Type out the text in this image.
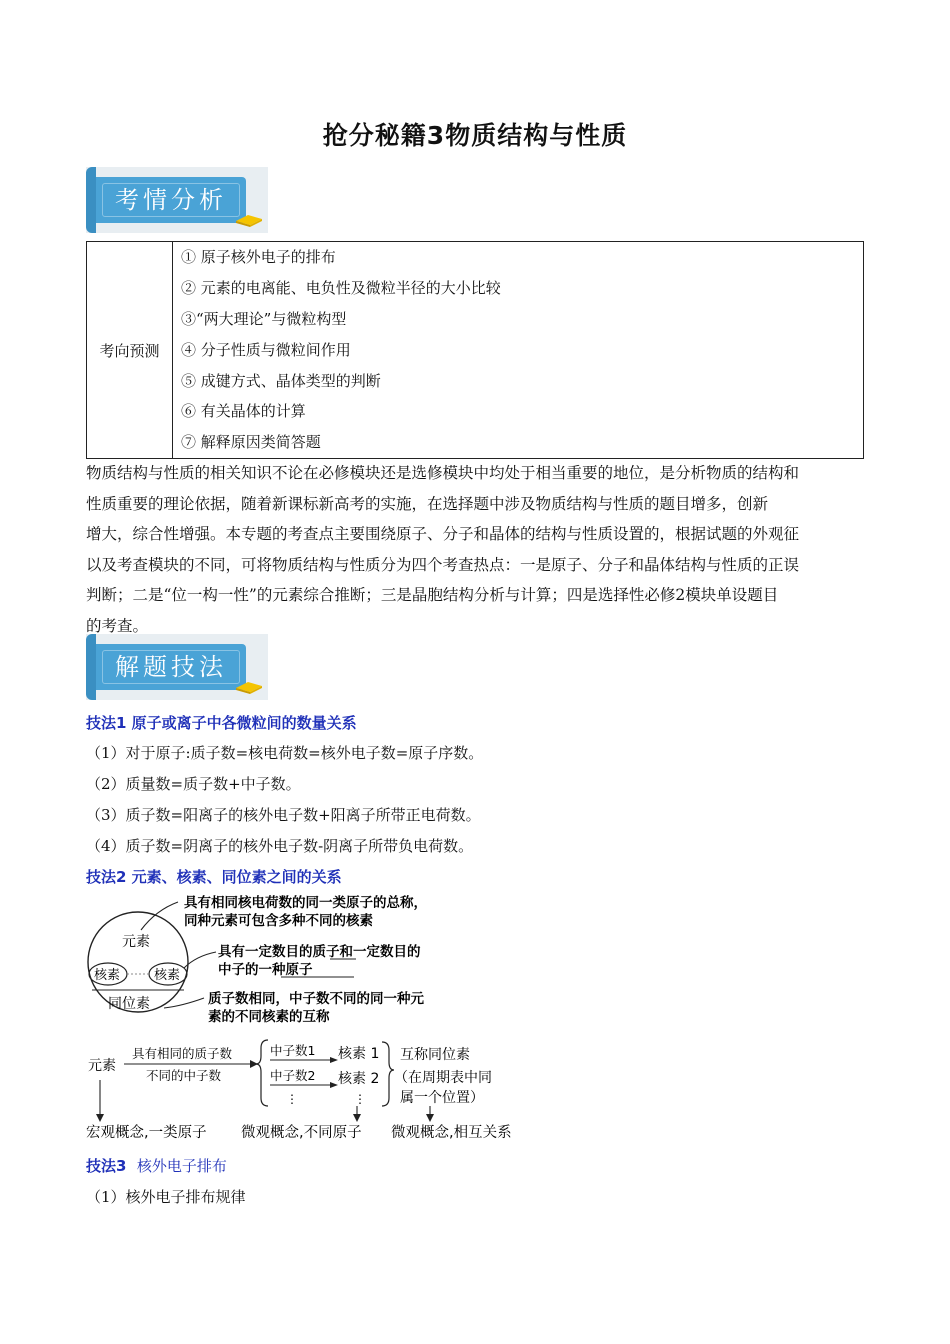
抢分秘籍3物质结构与性质
考情分析
考向预测	
① 原子核外电子的排布
② 元素的电离能、电负性及微粒半径的大小比较
③“两大理论”与微粒构型
④ 分子性质与微粒间作用
⑤ 成键方式、晶体类型的判断
⑥ 有关晶体的计算
⑦ 解释原因类简答题
物质结构与性质的相关知识不论在必修模块还是选修模块中均处于相当重要的地位，是分析物质的结构和
性质重要的理论依据，随着新课标新高考的实施，在选择题中涉及物质结构与性质的题目增多，创新
增大，综合性增强。本专题的考查点主要围绕原子、分子和晶体的结构与性质设置的，根据试题的外观征
以及考查模块的不同，可将物质结构与性质分为四个考查热点：一是原子、分子和晶体结构与性质的正误
判断；二是“位一构一性”的元素综合推断；三是晶胞结构分析与计算；四是选择性必修2模块单设题目
的考查。
解题技法
技法1 原子或离子中各微粒间的数量关系
（1）对于原子:质子数=核电荷数=核外电子数=原子序数。
（2）质量数=质子数+中子数。
（3）质子数=阳离子的核外电子数+阳离子所带正电荷数。
（4）质子数=阴离子的核外电子数-阴离子所带负电荷数。
技法2 元素、核素、同位素之间的关系
元素
核素	核素
同位素
具有相同核电荷数的同一类原子的总称，
同种元素可包含多种不同的核素
具有一定数目的质子和一定数目的
中子的一种原子
质子数相同，中子数不同的同一种元
素的不同核素的互称
元素
具有相同的质子数
不同的中子数
中子数1 核素 1
中子数2 核素 2
⋮	⋮
互称同位素
（在周期表中同
属一个位置）
宏观概念,一类原子 微观概念,不同原子 微观概念,相互关系
技法3 核外电子排布
（1）核外电子排布规律
